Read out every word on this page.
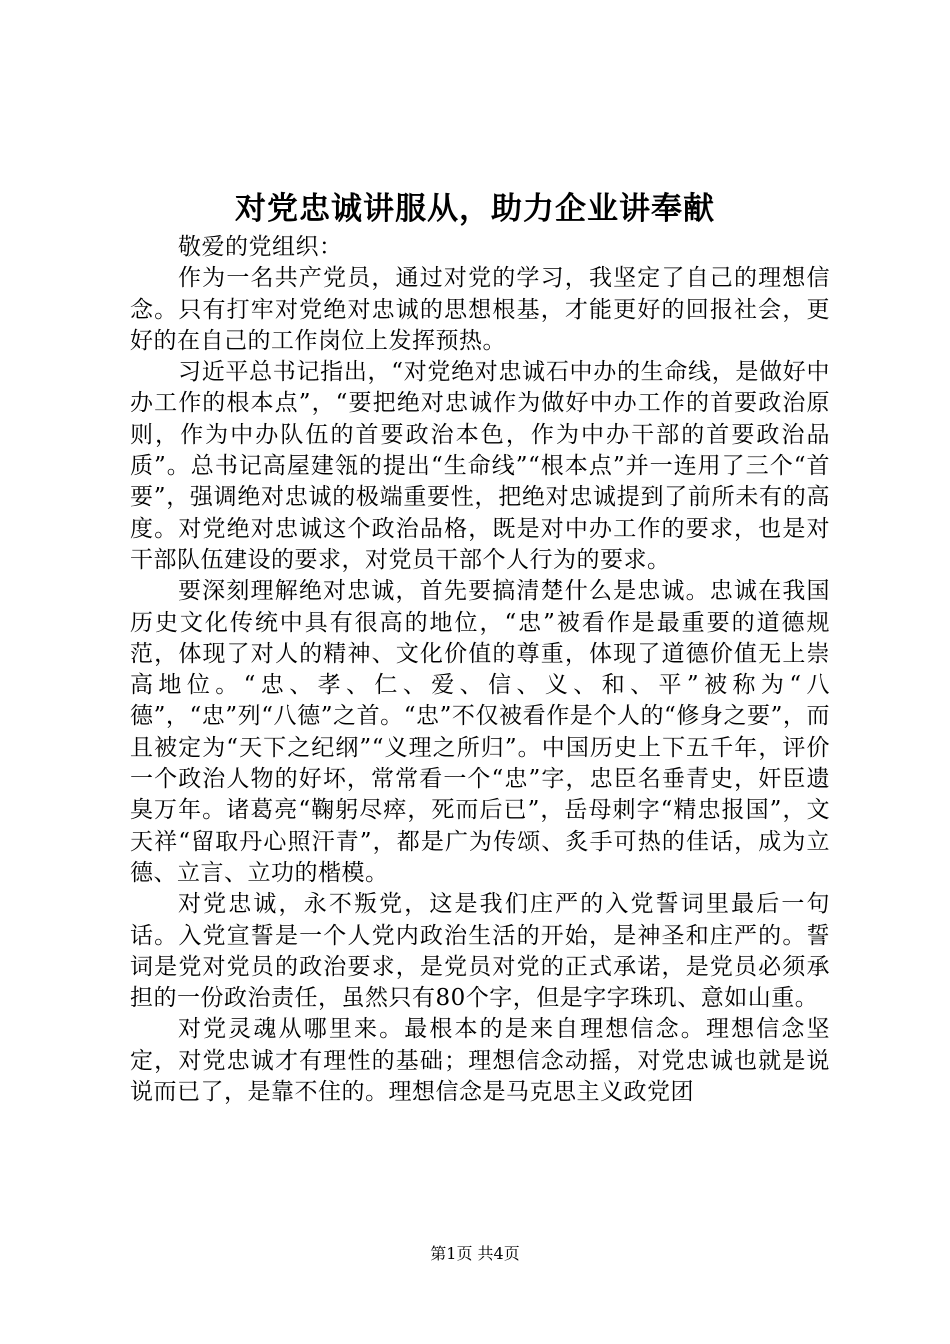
对党忠诚讲服从，助力企业讲奉献

敬爱的党组织：

作为一名共产党员，通过对党的学习，我坚定了自己的理想信念。只有打牢对党绝对忠诚的思想根基，才能更好的回报社会，更好的在自己的工作岗位上发挥预热。

习近平总书记指出，“对党绝对忠诚石中办的生命线，是做好中办工作的根本点”，“要把绝对忠诚作为做好中办工作的首要政治原则，作为中办队伍的首要政治本色，作为中办干部的首要政治品质”。总书记高屋建瓴的提出“生命线”“根本点”并一连用了三个“首要”，强调绝对忠诚的极端重要性，把绝对忠诚提到了前所未有的高度。对党绝对忠诚这个政治品格，既是对中办工作的要求，也是对干部队伍建设的要求，对党员干部个人行为的要求。

要深刻理解绝对忠诚，首先要搞清楚什么是忠诚。忠诚在我国历史文化传统中具有很高的地位，“忠”被看作是最重要的道德规范，体现了对人的精神、文化价值的尊重，体现了道德价值无上崇高地位。“忠、孝、仁、爱、信、义、和、平”被称为“八德”，“忠”列“八德”之首。“忠”不仅被看作是个人的“修身之要”，而且被定为“天下之纪纲”“义理之所归”。中国历史上下五千年，评价一个政治人物的好坏，常常看一个“忠”字，忠臣名垂青史，奸臣遗臭万年。诸葛亮“鞠躬尽瘁，死而后已”，岳母刺字“精忠报国”，文天祥“留取丹心照汗青”，都是广为传颂、炙手可热的佳话，成为立德、立言、立功的楷模。

对党忠诚，永不叛党，这是我们庄严的入党誓词里最后一句话。入党宣誓是一个人党内政治生活的开始，是神圣和庄严的。誓词是党对党员的政治要求，是党员对党的正式承诺，是党员必须承担的一份政治责任，虽然只有80个字，但是字字珠玑、意如山重。

对党灵魂从哪里来。最根本的是来自理想信念。理想信念坚定，对党忠诚才有理性的基础；理想信念动摇，对党忠诚也就是说说而已了，是靠不住的。理想信念是马克思主义政党团

第1页 共4页
